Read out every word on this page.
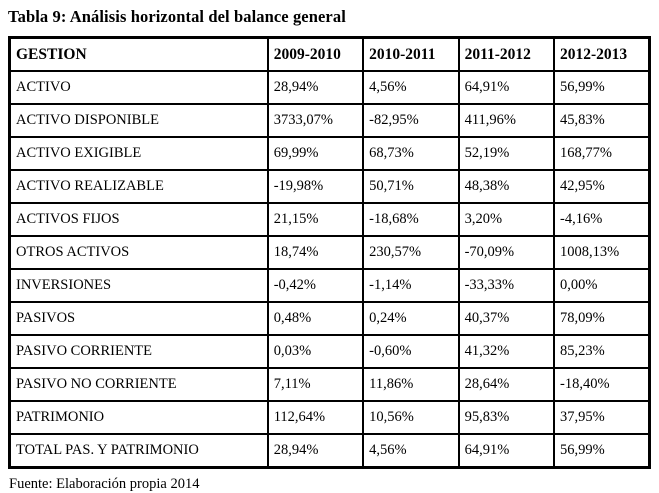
Tabla 9: Análisis horizontal del balance general
GESTION	2009-2010	2010-2011	2011-2012	2012-2013
ACTIVO	28,94%	4,56%	64,91%	56,99%
ACTIVO DISPONIBLE	3733,07%	-82,95%	411,96%	45,83%
ACTIVO EXIGIBLE	69,99%	68,73%	52,19%	168,77%
ACTIVO REALIZABLE	-19,98%	50,71%	48,38%	42,95%
ACTIVOS FIJOS	21,15%	-18,68%	3,20%	-4,16%
OTROS ACTIVOS	18,74%	230,57%	-70,09%	1008,13%
INVERSIONES	-0,42%	-1,14%	-33,33%	0,00%
PASIVOS	0,48%	0,24%	40,37%	78,09%
PASIVO CORRIENTE	0,03%	-0,60%	41,32%	85,23%
PASIVO NO CORRIENTE	7,11%	11,86%	28,64%	-18,40%
PATRIMONIO	112,64%	10,56%	95,83%	37,95%
TOTAL PAS. Y PATRIMONIO	28,94%	4,56%	64,91%	56,99%
Fuente: Elaboración propia 2014
